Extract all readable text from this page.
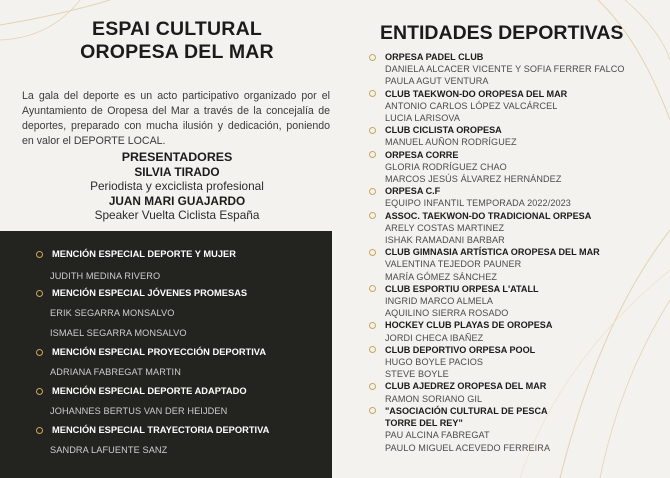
ESPAI CULTURAL
OROPESA DEL MAR

La gala del deporte es un acto participativo organizado por el Ayuntamiento de Oropesa del Mar a través de la concejalía de deportes, preparado con mucha ilusión y dedicación, poniendo en valor el DEPORTE LOCAL.

PRESENTADORES
SILVIA TIRADO
Periodista y exciclista profesional
JUAN MARI GUAJARDO
Speaker Vuelta Ciclista España
MENCIÓN ESPECIAL DEPORTE Y MUJER
JUDITH MEDINA RIVERO
MENCIÓN ESPECIAL JÓVENES PROMESAS
ERIK SEGARRA MONSALVO
ISMAEL SEGARRA MONSALVO
MENCIÓN ESPECIAL PROYECCIÓN DEPORTIVA
ADRIANA FABREGAT MARTIN
MENCIÓN ESPECIAL DEPORTE ADAPTADO
JOHANNES BERTUS VAN DER HEIJDEN
MENCIÓN ESPECIAL TRAYECTORIA DEPORTIVA
SANDRA LAFUENTE SANZ
ENTIDADES DEPORTIVAS
ORPESA PADEL CLUB
DANIELA ALCACER VICENTE Y SOFIA FERRER FALCO
PAULA AGUT VENTURA
CLUB TAEKWON-DO OROPESA DEL MAR
ANTONIO CARLOS LÓPEZ VALCÁRCEL
LUCIA LARISOVA
CLUB CICLISTA OROPESA
MANUEL AUÑON RODRÍGUEZ
ORPESA CORRE
GLORIA RODRÍGUEZ CHAO
MARCOS JESÚS ÁLVAREZ HERNÁNDEZ
ORPESA C.F
EQUIPO INFANTIL TEMPORADA 2022/2023
ASSOC. TAEKWON-DO TRADICIONAL ORPESA
ARELY COSTAS MARTINEZ
ISHAK RAMADANI BARBAR
CLUB GIMNASIA ARTÍSTICA OROPESA DEL MAR
VALENTINA TEJEDOR PAUNER
MARÍA GÓMEZ SÁNCHEZ
CLUB ESPORTIU ORPESA L'ATALL
INGRID MARCO ALMELA
AQUILINO SIERRA ROSADO
HOCKEY CLUB PLAYAS DE OROPESA
JORDI CHECA IBAÑEZ
CLUB DEPORTIVO ORPESA POOL
HUGO BOYLE PACIOS
STEVE BOYLE
CLUB AJEDREZ OROPESA DEL MAR
RAMON SORIANO GIL
"ASOCIACIÓN CULTURAL DE PESCA
TORRE DEL REY"
PAU ALCINA FABREGAT
PAULO MIGUEL ACEVEDO FERREIRA
